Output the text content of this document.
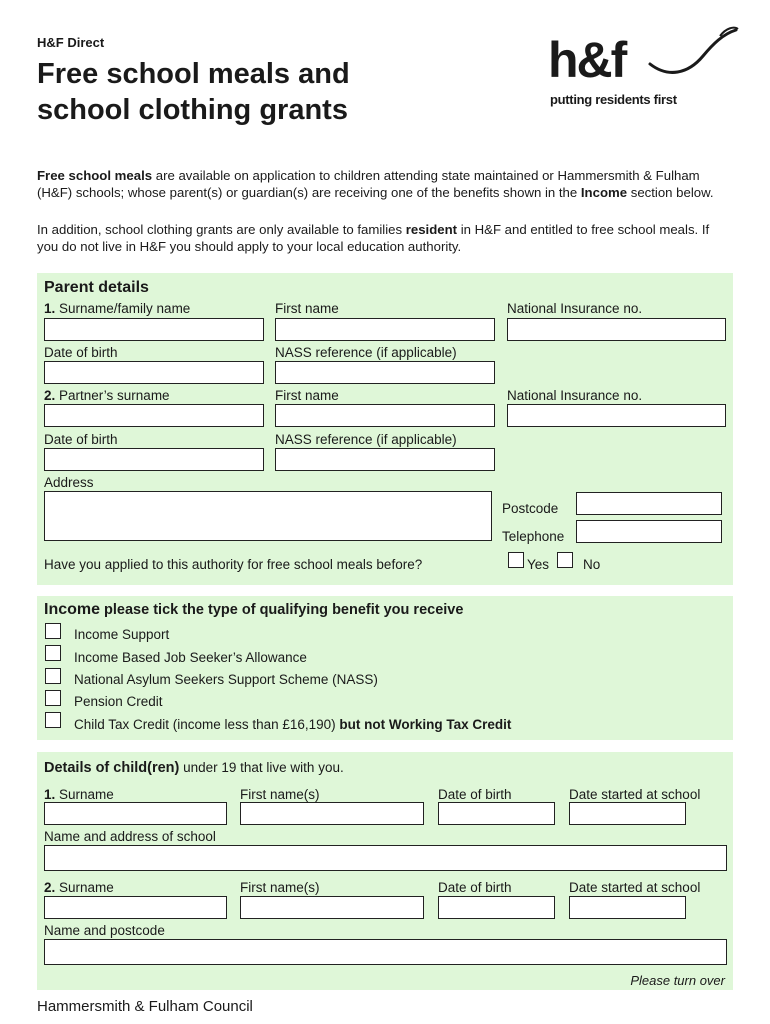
H&F Direct
Free school meals and
school clothing grants
h&f
putting residents first
Free school meals are available on application to children attending state maintained or Hammersmith & Fulham (H&F) schools; whose parent(s) or guardian(s) are receiving one of the benefits shown in the Income section below.
In addition, school clothing grants are only available to families resident in H&F and entitled to free school meals. If you do not live in H&F you should apply to your local education authority.
Parent details
1. Surname/family name	First name	National Insurance no.
Date of birth	NASS reference (if applicable)
2. Partner’s surname	First name	National Insurance no.
Date of birth	NASS reference (if applicable)
Address
Postcode
Telephone
Have you applied to this authority for free school meals before?	Yes	No
Income please tick the type of qualifying benefit you receive
Income Support
Income Based Job Seeker’s Allowance
National Asylum Seekers Support Scheme (NASS)
Pension Credit
Child Tax Credit (income less than £16,190) but not Working Tax Credit
Details of child(ren) under 19 that live with you.
1. Surname	First name(s)	Date of birth	Date started at school
Name and address of school
2. Surname	First name(s)	Date of birth	Date started at school
Name and postcode
Please turn over
Hammersmith & Fulham Council
